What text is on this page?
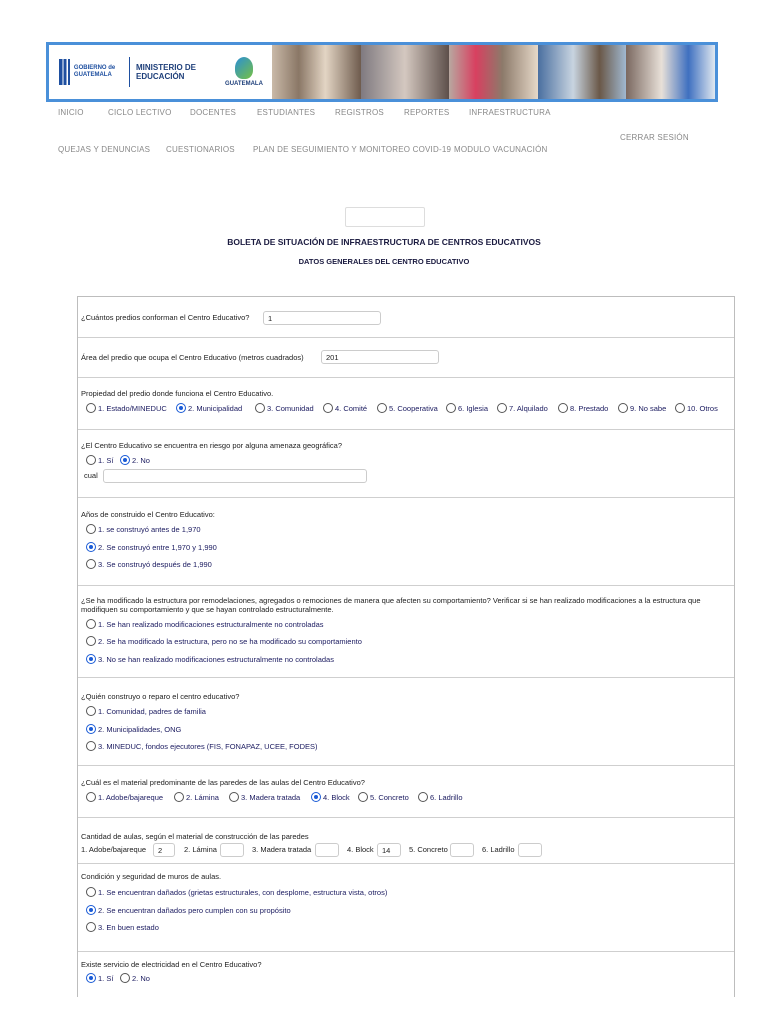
GOBIERNO de GUATEMALA
MINISTERIO DE EDUCACIÓN
GUATEMALA
INICIO	CICLO LECTIVO DOCENTES	ESTUDIANTES REGISTROS	REPORTES INFRAESTRUCTURA
QUEJAS Y DENUNCIAS CUESTIONARIOS PLAN DE SEGUIMIENTO Y MONITOREO COVID-19 MODULO VACUNACIÓN
CERRAR SESIÓN
BOLETA DE SITUACIÓN DE INFRAESTRUCTURA DE CENTROS EDUCATIVOS
DATOS GENERALES DEL CENTRO EDUCATIVO
¿Cuántos predios conforman el Centro Educativo?	1
Área del predio que ocupa el Centro Educativo (metros cuadrados)	201
Propiedad del predio donde funciona el Centro Educativo.
1. Estado/MINEDUC	2. Municipalidad	3. Comunidad	4. Comité	5. Cooperativa	6. Iglesia	7. Alquilado	8. Prestado	9. No sabe	10. Otros
¿El Centro Educativo se encuentra en riesgo por alguna amenaza geográfica?
1. Sí 2. No
cual
Años de construido el Centro Educativo:
1. se construyó antes de 1,970
2. Se construyó entre 1,970 y 1,990
3. Se construyó después de 1,990
¿Se ha modificado la estructura por remodelaciones, agregados o remociones de manera que afecten su comportamiento? Verificar si se han realizado modificaciones a la estructura que modifiquen su comportamiento y que se hayan controlado estructuralmente.
1. Se han realizado modificaciones estructuralmente no controladas
2. Se ha modificado la estructura, pero no se ha modificado su comportamiento
3. No se han realizado modificaciones estructuralmente no controladas
¿Quién construyo o reparo el centro educativo?
1. Comunidad, padres de familia
2. Municipalidades, ONG
3. MINEDUC, fondos ejecutores (FIS, FONAPAZ, UCEE, FODES)
¿Cuál es el material predominante de las paredes de las aulas del Centro Educativo?
1. Adobe/bajareque	2. Lámina	3. Madera tratada	4. Block	5. Concreto	6. Ladrillo
Cantidad de aulas, según el material de construcción de las paredes
1. Adobe/bajareque	2	2. Lámina	3. Madera tratada	4. Block	14	5. Concreto	6. Ladrillo
Condición y seguridad de muros de aulas.
1. Se encuentran dañados (grietas estructurales, con desplome, estructura vista, otros)
2. Se encuentran dañados pero cumplen con su propósito
3. En buen estado
Existe servicio de electricidad en el Centro Educativo?
1. Sí 2. No
